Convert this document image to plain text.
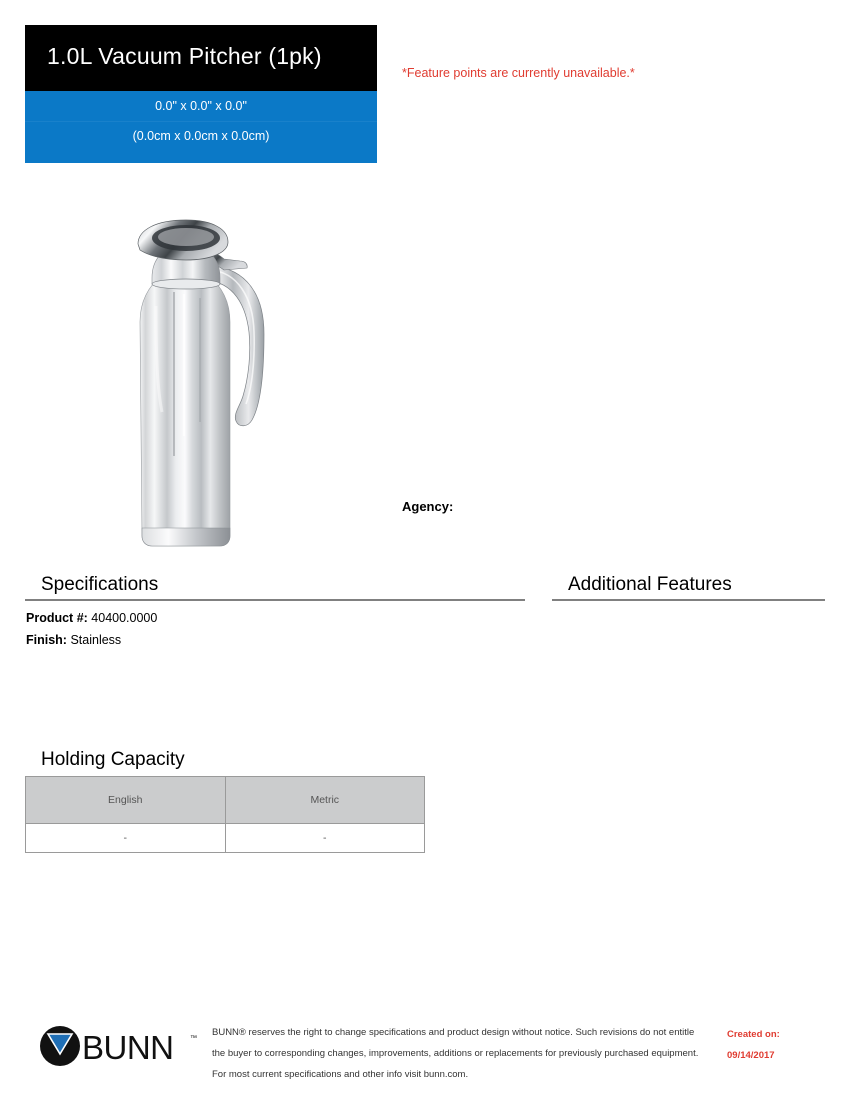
1.0L Vacuum Pitcher (1pk)
0.0" x 0.0" x 0.0"
(0.0cm x 0.0cm x 0.0cm)
*Feature points are currently unavailable.*
Agency:
Specifications
Product #: 40400.0000
Finish: Stainless
Additional Features
Holding Capacity
English	Metric
-	-
BUNN ™
BUNN® reserves the right to change specifications and product design without notice. Such revisions do not entitle
the buyer to corresponding changes, improvements, additions or replacements for previously purchased equipment.
For most current specifications and other info visit bunn.com.
Created on:
09/14/2017
